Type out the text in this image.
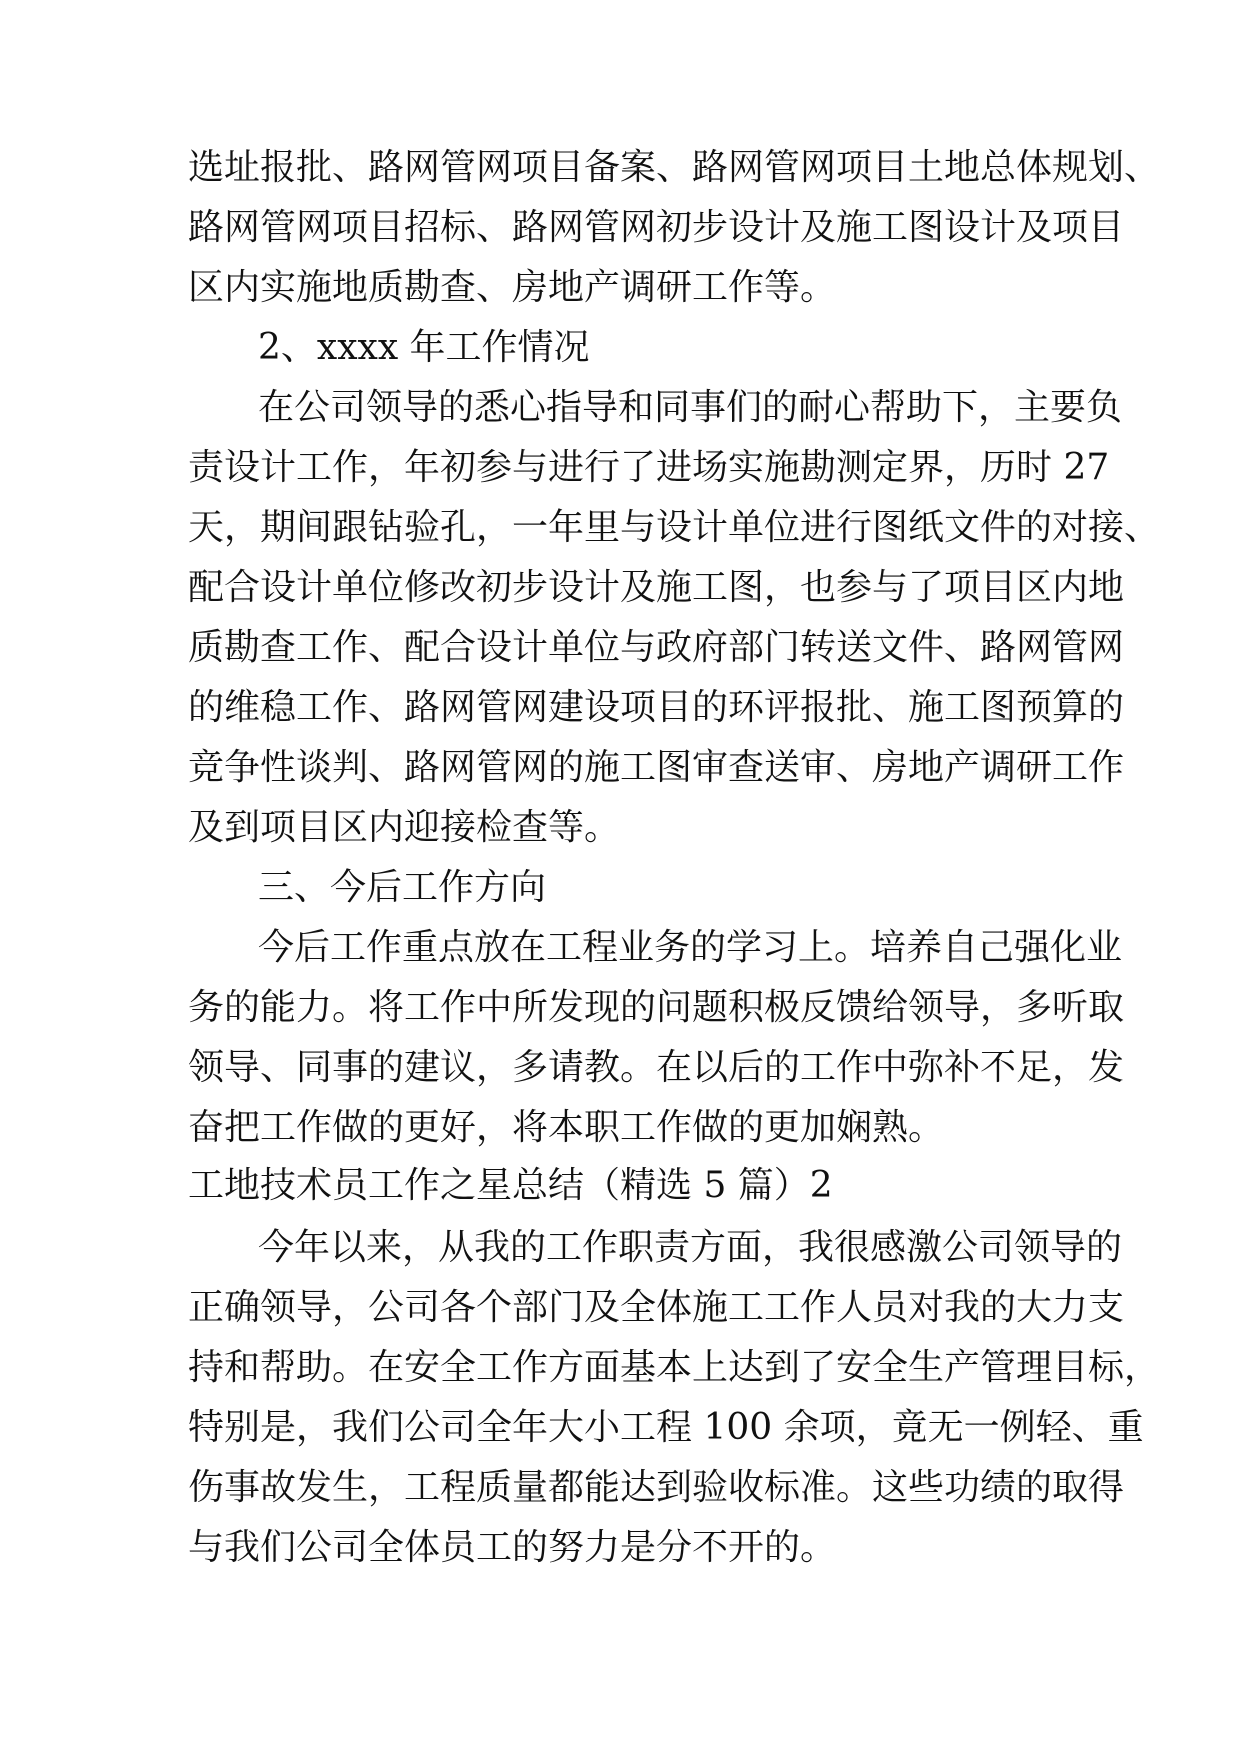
选址报批、路网管网项目备案、路网管网项目土地总体规划、
路网管网项目招标、路网管网初步设计及施工图设计及项目
区内实施地质勘查、房地产调研工作等。
2、xxxx 年工作情况
在公司领导的悉心指导和同事们的耐心帮助下，主要负
责设计工作，年初参与进行了进场实施勘测定界，历时 27
天，期间跟钻验孔，一年里与设计单位进行图纸文件的对接、
配合设计单位修改初步设计及施工图，也参与了项目区内地
质勘查工作、配合设计单位与政府部门转送文件、路网管网
的维稳工作、路网管网建设项目的环评报批、施工图预算的
竞争性谈判、路网管网的施工图审查送审、房地产调研工作
及到项目区内迎接检查等。
三、今后工作方向
今后工作重点放在工程业务的学习上。培养自己强化业
务的能力。将工作中所发现的问题积极反馈给领导，多听取
领导、同事的建议，多请教。在以后的工作中弥补不足，发
奋把工作做的更好，将本职工作做的更加娴熟。
工地技术员工作之星总结（精选 5 篇）2
今年以来，从我的工作职责方面，我很感激公司领导的
正确领导，公司各个部门及全体施工工作人员对我的大力支
持和帮助。在安全工作方面基本上达到了安全生产管理目标，
特别是，我们公司全年大小工程 100 余项，竟无一例轻、重
伤事故发生，工程质量都能达到验收标准。这些功绩的取得
与我们公司全体员工的努力是分不开的。
